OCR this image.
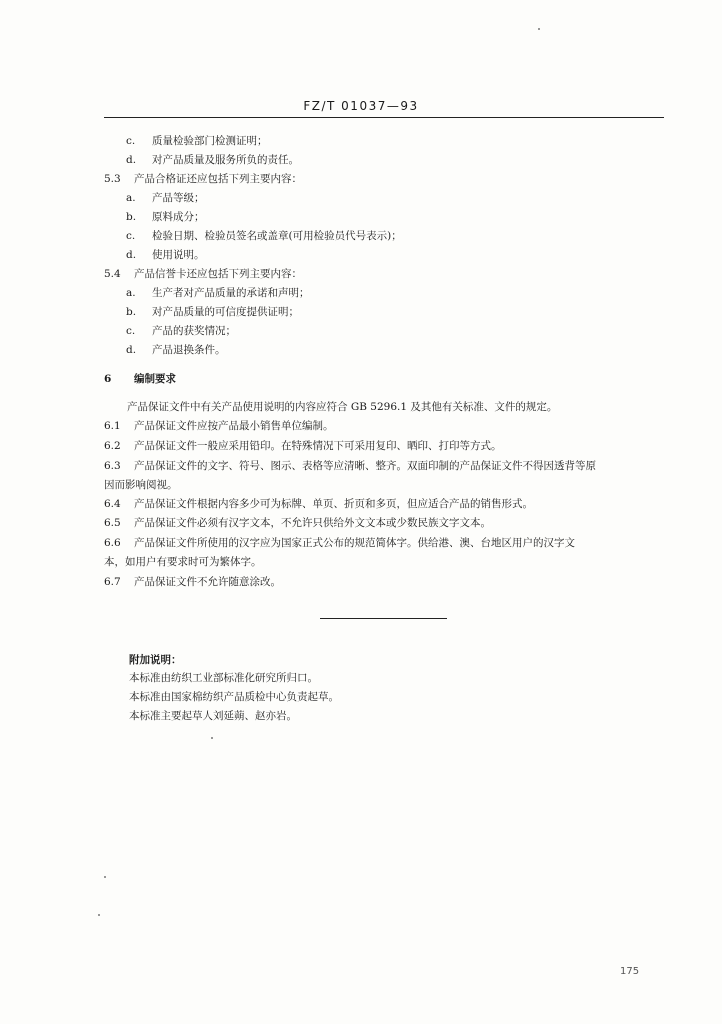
FZ/T 01037—93
c. 质量检验部门检测证明；
d. 对产品质量及服务所负的责任。
5.3 产品合格证还应包括下列主要内容：
a. 产品等级；
b. 原料成分；
c. 检验日期、检验员签名或盖章(可用检验员代号表示)；
d. 使用说明。
5.4 产品信誉卡还应包括下列主要内容：
a. 生产者对产品质量的承诺和声明；
b. 对产品质量的可信度提供证明；
c. 产品的获奖情况；
d. 产品退换条件。
6 编制要求
产品保证文件中有关产品使用说明的内容应符合 GB 5296.1 及其他有关标准、文件的规定。
6.1 产品保证文件应按产品最小销售单位编制。
6.2 产品保证文件一般应采用铅印。在特殊情况下可采用复印、晒印、打印等方式。
6.3 产品保证文件的文字、符号、图示、表格等应清晰、整齐。双面印制的产品保证文件不得因透背等原
因而影响阅视。
6.4 产品保证文件根据内容多少可为标牌、单页、折页和多页，但应适合产品的销售形式。
6.5 产品保证文件必须有汉字文本，不允许只供给外文文本或少数民族文字文本。
6.6 产品保证文件所使用的汉字应为国家正式公布的规范简体字。供给港、澳、台地区用户的汉字文
本，如用户有要求时可为繁体字。
6.7 产品保证文件不允许随意涂改。
附加说明：
本标准由纺织工业部标准化研究所归口。
本标准由国家棉纺织产品质检中心负责起草。
本标准主要起草人刘延蒴、赵亦岩。
175
